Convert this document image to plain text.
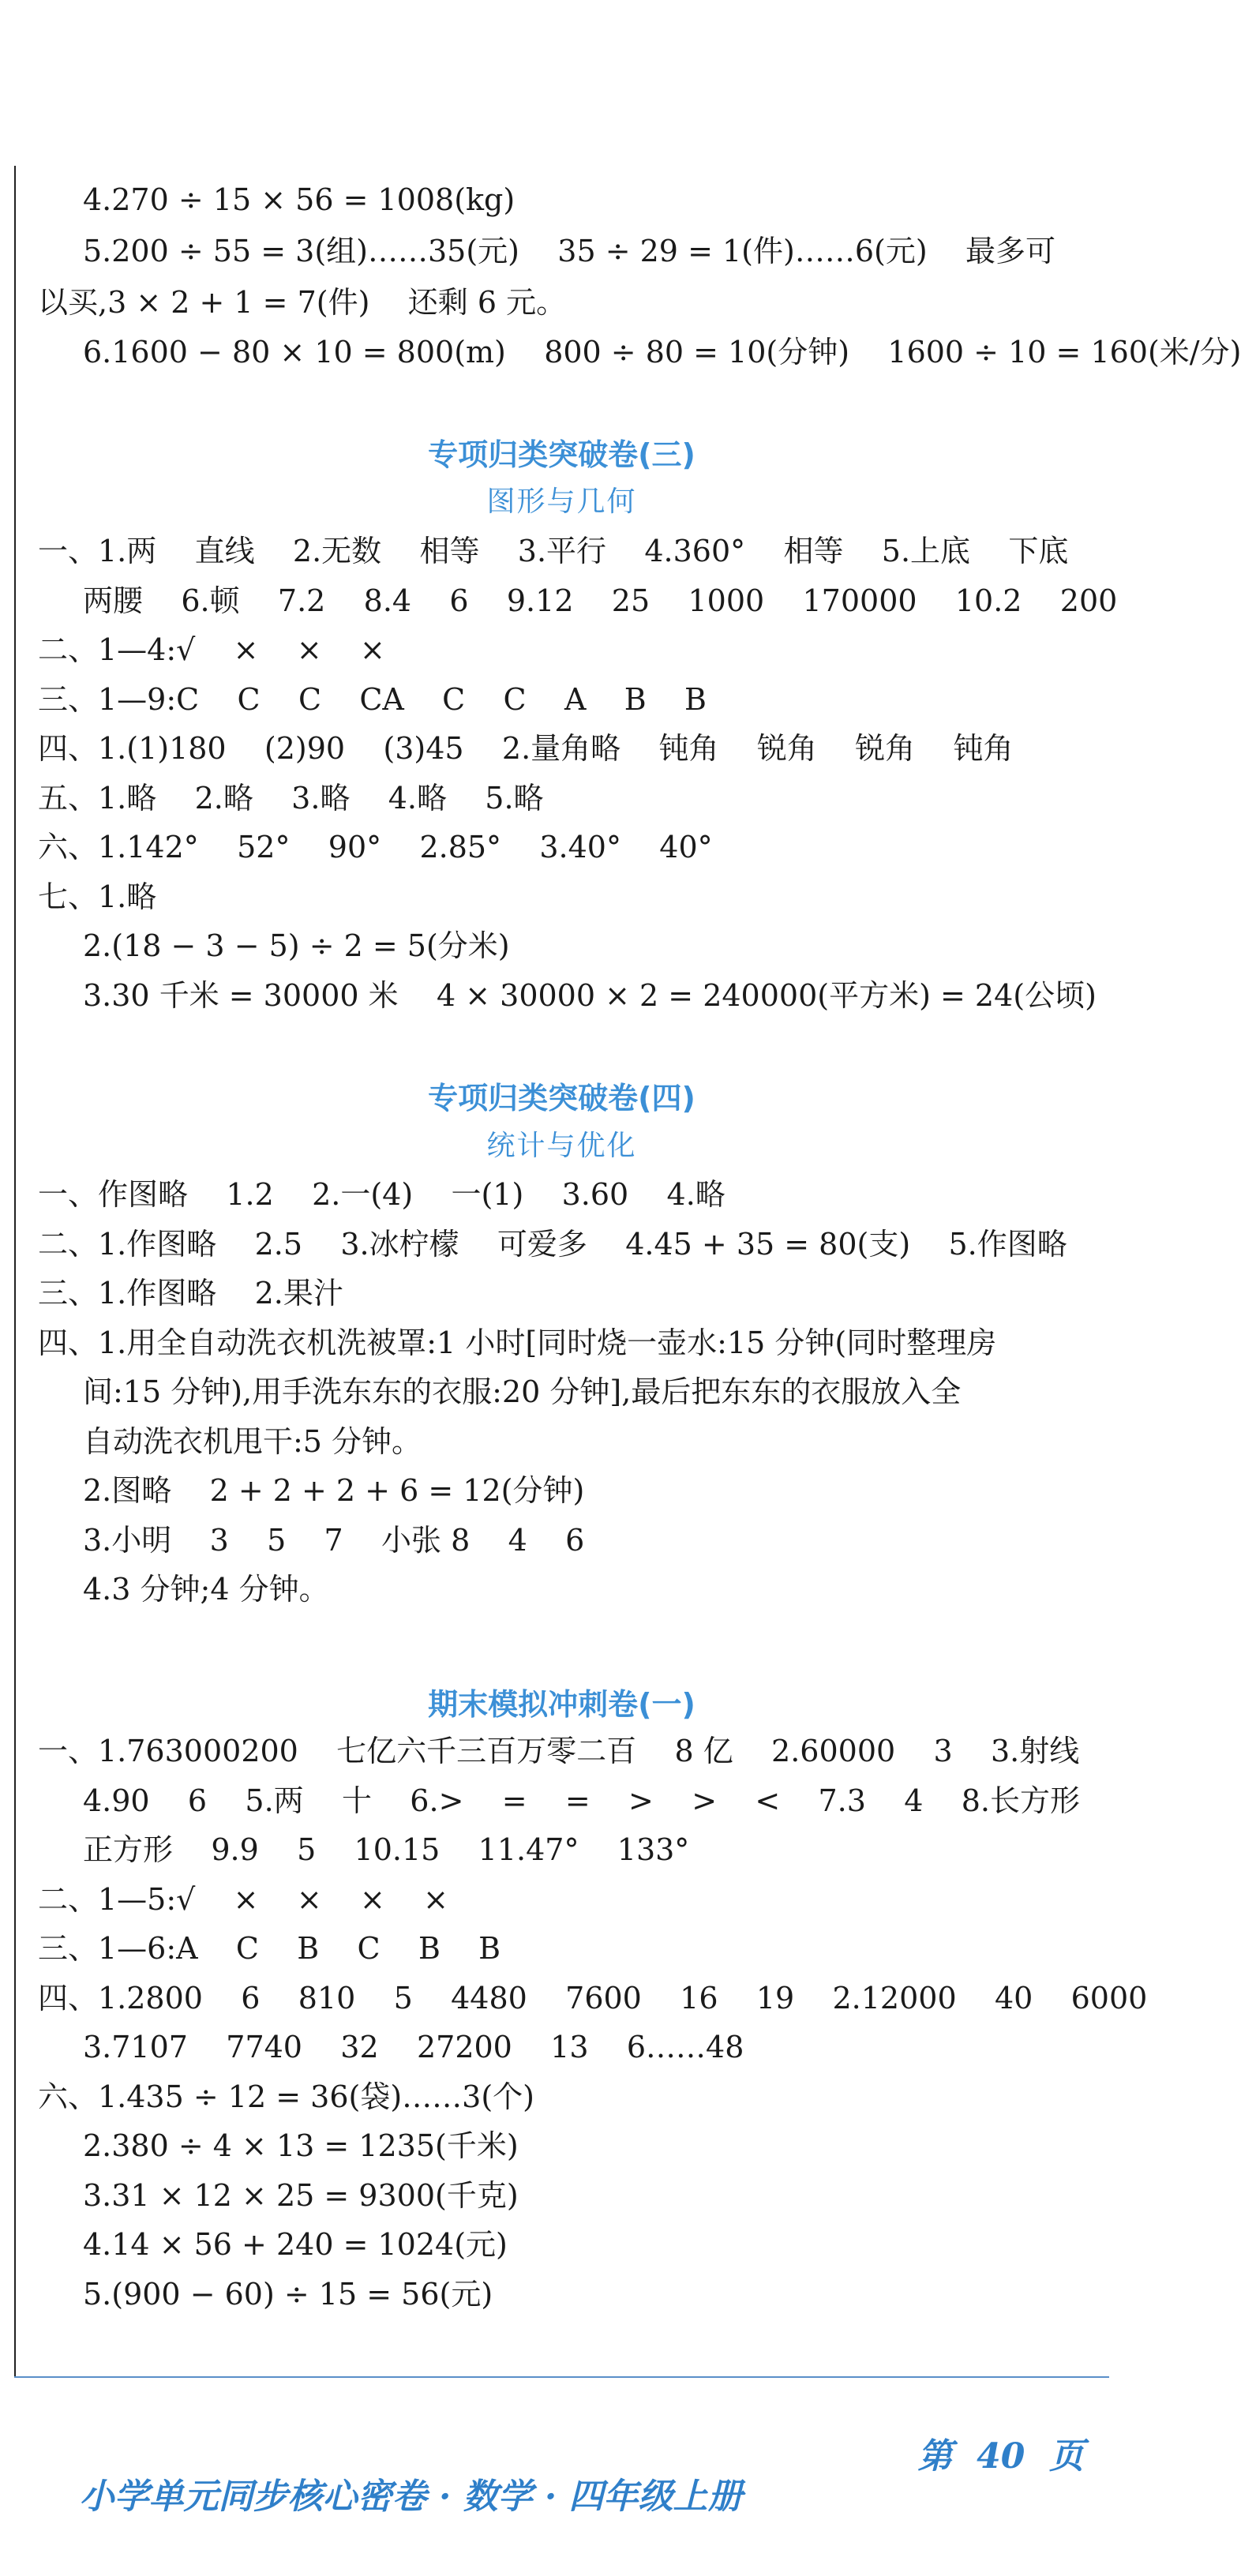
4.270 ÷ 15 × 56 = 1008(kg)
5.200 ÷ 55 = 3(组)……35(元)    35 ÷ 29 = 1(件)……6(元)    最多可
以买,3 × 2 + 1 = 7(件)    还剩 6 元。
6.1600 − 80 × 10 = 800(m)    800 ÷ 80 = 10(分钟)    1600 ÷ 10 = 160(米/分)
专项归类突破卷(三)
图形与几何
一、1.两    直线    2.无数    相等    3.平行    4.360°    相等    5.上底    下底
两腰    6.顿    7.2    8.4    6    9.12    25    1000    170000    10.2    200
二、1—4:√    ×    ×    ×
三、1—9:C    C    C    CA    C    C    A    B    B
四、1.(1)180    (2)90    (3)45    2.量角略    钝角    锐角    锐角    钝角
五、1.略    2.略    3.略    4.略    5.略
六、1.142°    52°    90°    2.85°    3.40°    40°
七、1.略
2.(18 − 3 − 5) ÷ 2 = 5(分米)
3.30 千米 = 30000 米    4 × 30000 × 2 = 240000(平方米) = 24(公顷)
专项归类突破卷(四)
统计与优化
一、作图略    1.2    2.一(4)    一(1)    3.60    4.略
二、1.作图略    2.5    3.冰柠檬    可爱多    4.45 + 35 = 80(支)    5.作图略
三、1.作图略    2.果汁
四、1.用全自动洗衣机洗被罩:1 小时[同时烧一壶水:15 分钟(同时整理房
间:15 分钟),用手洗东东的衣服:20 分钟],最后把东东的衣服放入全
自动洗衣机甩干:5 分钟。
2.图略    2 + 2 + 2 + 6 = 12(分钟)
3.小明    3    5    7    小张 8    4    6
4.3 分钟;4 分钟。
期末模拟冲刺卷(一)
一、1.763000200    七亿六千三百万零二百    8 亿    2.60000    3    3.射线
4.90    6    5.两    十    6.>    =    =    >    >    <    7.3    4    8.长方形
正方形    9.9    5    10.15    11.47°    133°
二、1—5:√    ×    ×    ×    ×
三、1—6:A    C    B    C    B    B
四、1.2800    6    810    5    4480    7600    16    19    2.12000    40    6000
3.7107    7740    32    27200    13    6……48
六、1.435 ÷ 12 = 36(袋)……3(个)
2.380 ÷ 4 × 13 = 1235(千米)
3.31 × 12 × 25 = 9300(千克)
4.14 × 56 + 240 = 1024(元)
5.(900 − 60) ÷ 15 = 56(元)

小学单元同步核心密卷 · 数学 · 四年级上册

第  40  页
